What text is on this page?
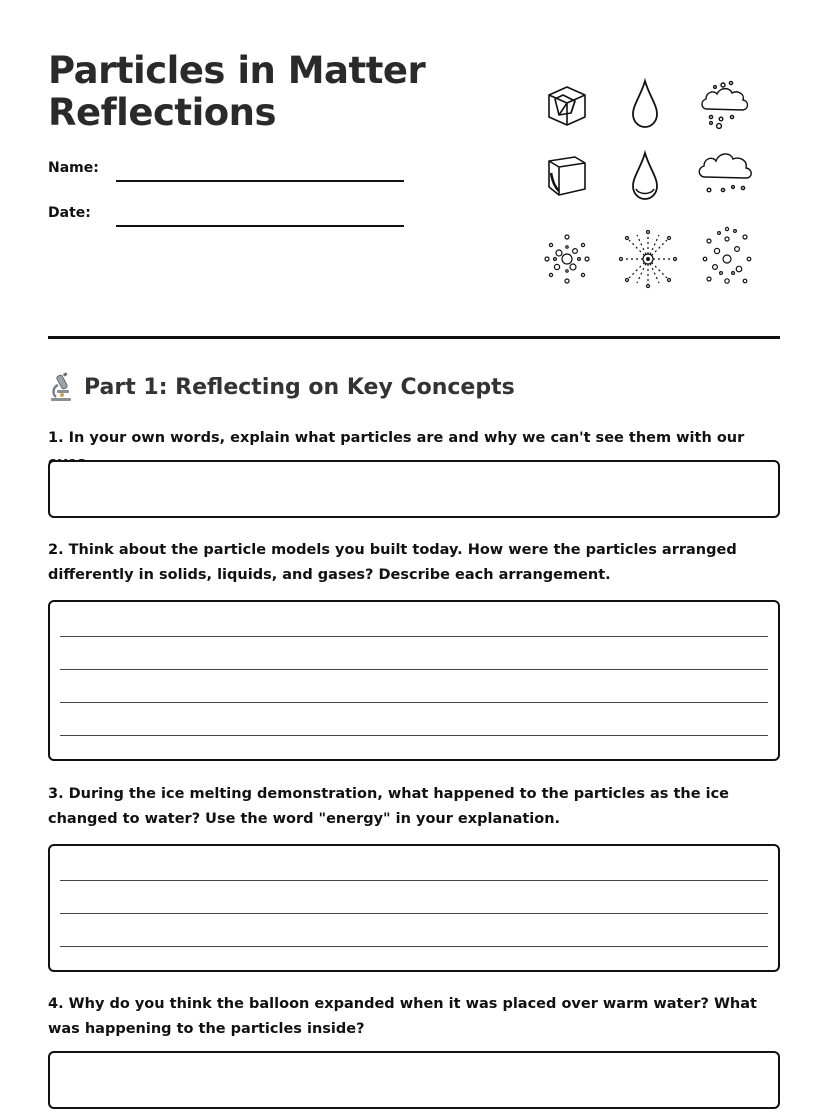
Particles in Matter
Reflections
Name:
Date:
Part 1: Reflecting on Key Concepts
1. In your own words, explain what particles are and why we can't see them with our
2. Think about the particle models you built today. How were the particles arranged differently in solids, liquids, and gases? Describe each arrangement.
3. During the ice melting demonstration, what happened to the particles as the ice changed to water? Use the word "energy" in your explanation.
4. Why do you think the balloon expanded when it was placed over warm water? What was happening to the particles inside?
